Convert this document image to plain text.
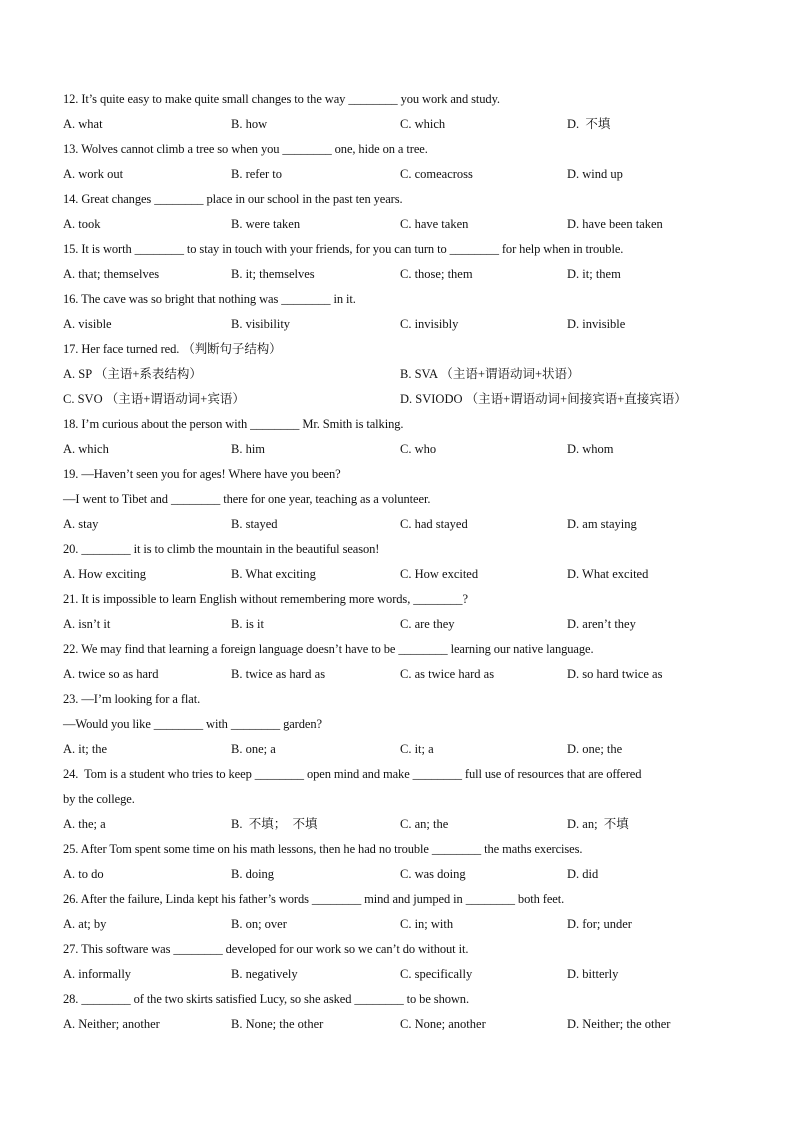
12. It’s quite easy to make quite small changes to the way ________ you work and study.
A. what	B. how	C. which	D.  不填
13. Wolves cannot climb a tree so when you ________ one, hide on a tree.
A. work out	B. refer to	C. comeacross	D. wind up
14. Great changes ________ place in our school in the past ten years.
A. took	B. were taken	C. have taken	D. have been taken
15. It is worth ________ to stay in touch with your friends, for you can turn to ________ for help when in trouble.
A. that; themselves	B. it; themselves	C. those; them	D. it; them
16. The cave was so bright that nothing was ________ in it.
A. visible	B. visibility	C. invisibly	D. invisible
17. Her face turned red. （判断句子结构）
A. SP （主语+系表结构）	B. SVA （主语+谓语动词+状语）
C. SVO （主语+谓语动词+宾语）	D. SVIODO （主语+谓语动词+间接宾语+直接宾语）
18. I’m curious about the person with ________ Mr. Smith is talking.
A. which	B. him	C. who	D. whom
19. —Haven’t seen you for ages! Where have you been?
—I went to Tibet and ________ there for one year, teaching as a volunteer.
A. stay	B. stayed	C. had stayed	D. am staying
20. ________ it is to climb the mountain in the beautiful season!
A. How exciting	B. What exciting	C. How excited	D. What excited
21. It is impossible to learn English without remembering more words, ________?
A. isn’t it	B. is it	C. are they	D. aren’t they
22. We may find that learning a foreign language doesn’t have to be ________ learning our native language.
A. twice so as hard	B. twice as hard as	C. as twice hard as	D. so hard twice as
23. —I’m looking for a flat.
—Would you like ________ with ________ garden?
A. it; the	B. one; a	C. it; a	D. one; the
24.  Tom is a student who tries to keep ________ open mind and make ________ full use of resources that are offered
by the college.
A. the; a	B.  不填；  不填	C. an; the	D. an;  不填
25. After Tom spent some time on his math lessons, then he had no trouble ________ the maths exercises.
A. to do	B. doing	C. was doing	D. did
26. After the failure, Linda kept his father’s words ________ mind and jumped in ________ both feet.
A. at; by	B. on; over	C. in; with	D. for; under
27. This software was ________ developed for our work so we can’t do without it.
A. informally	B. negatively	C. specifically	D. bitterly
28. ________ of the two skirts satisfied Lucy, so she asked ________ to be shown.
A. Neither; another	B. None; the other	C. None; another	D. Neither; the other
